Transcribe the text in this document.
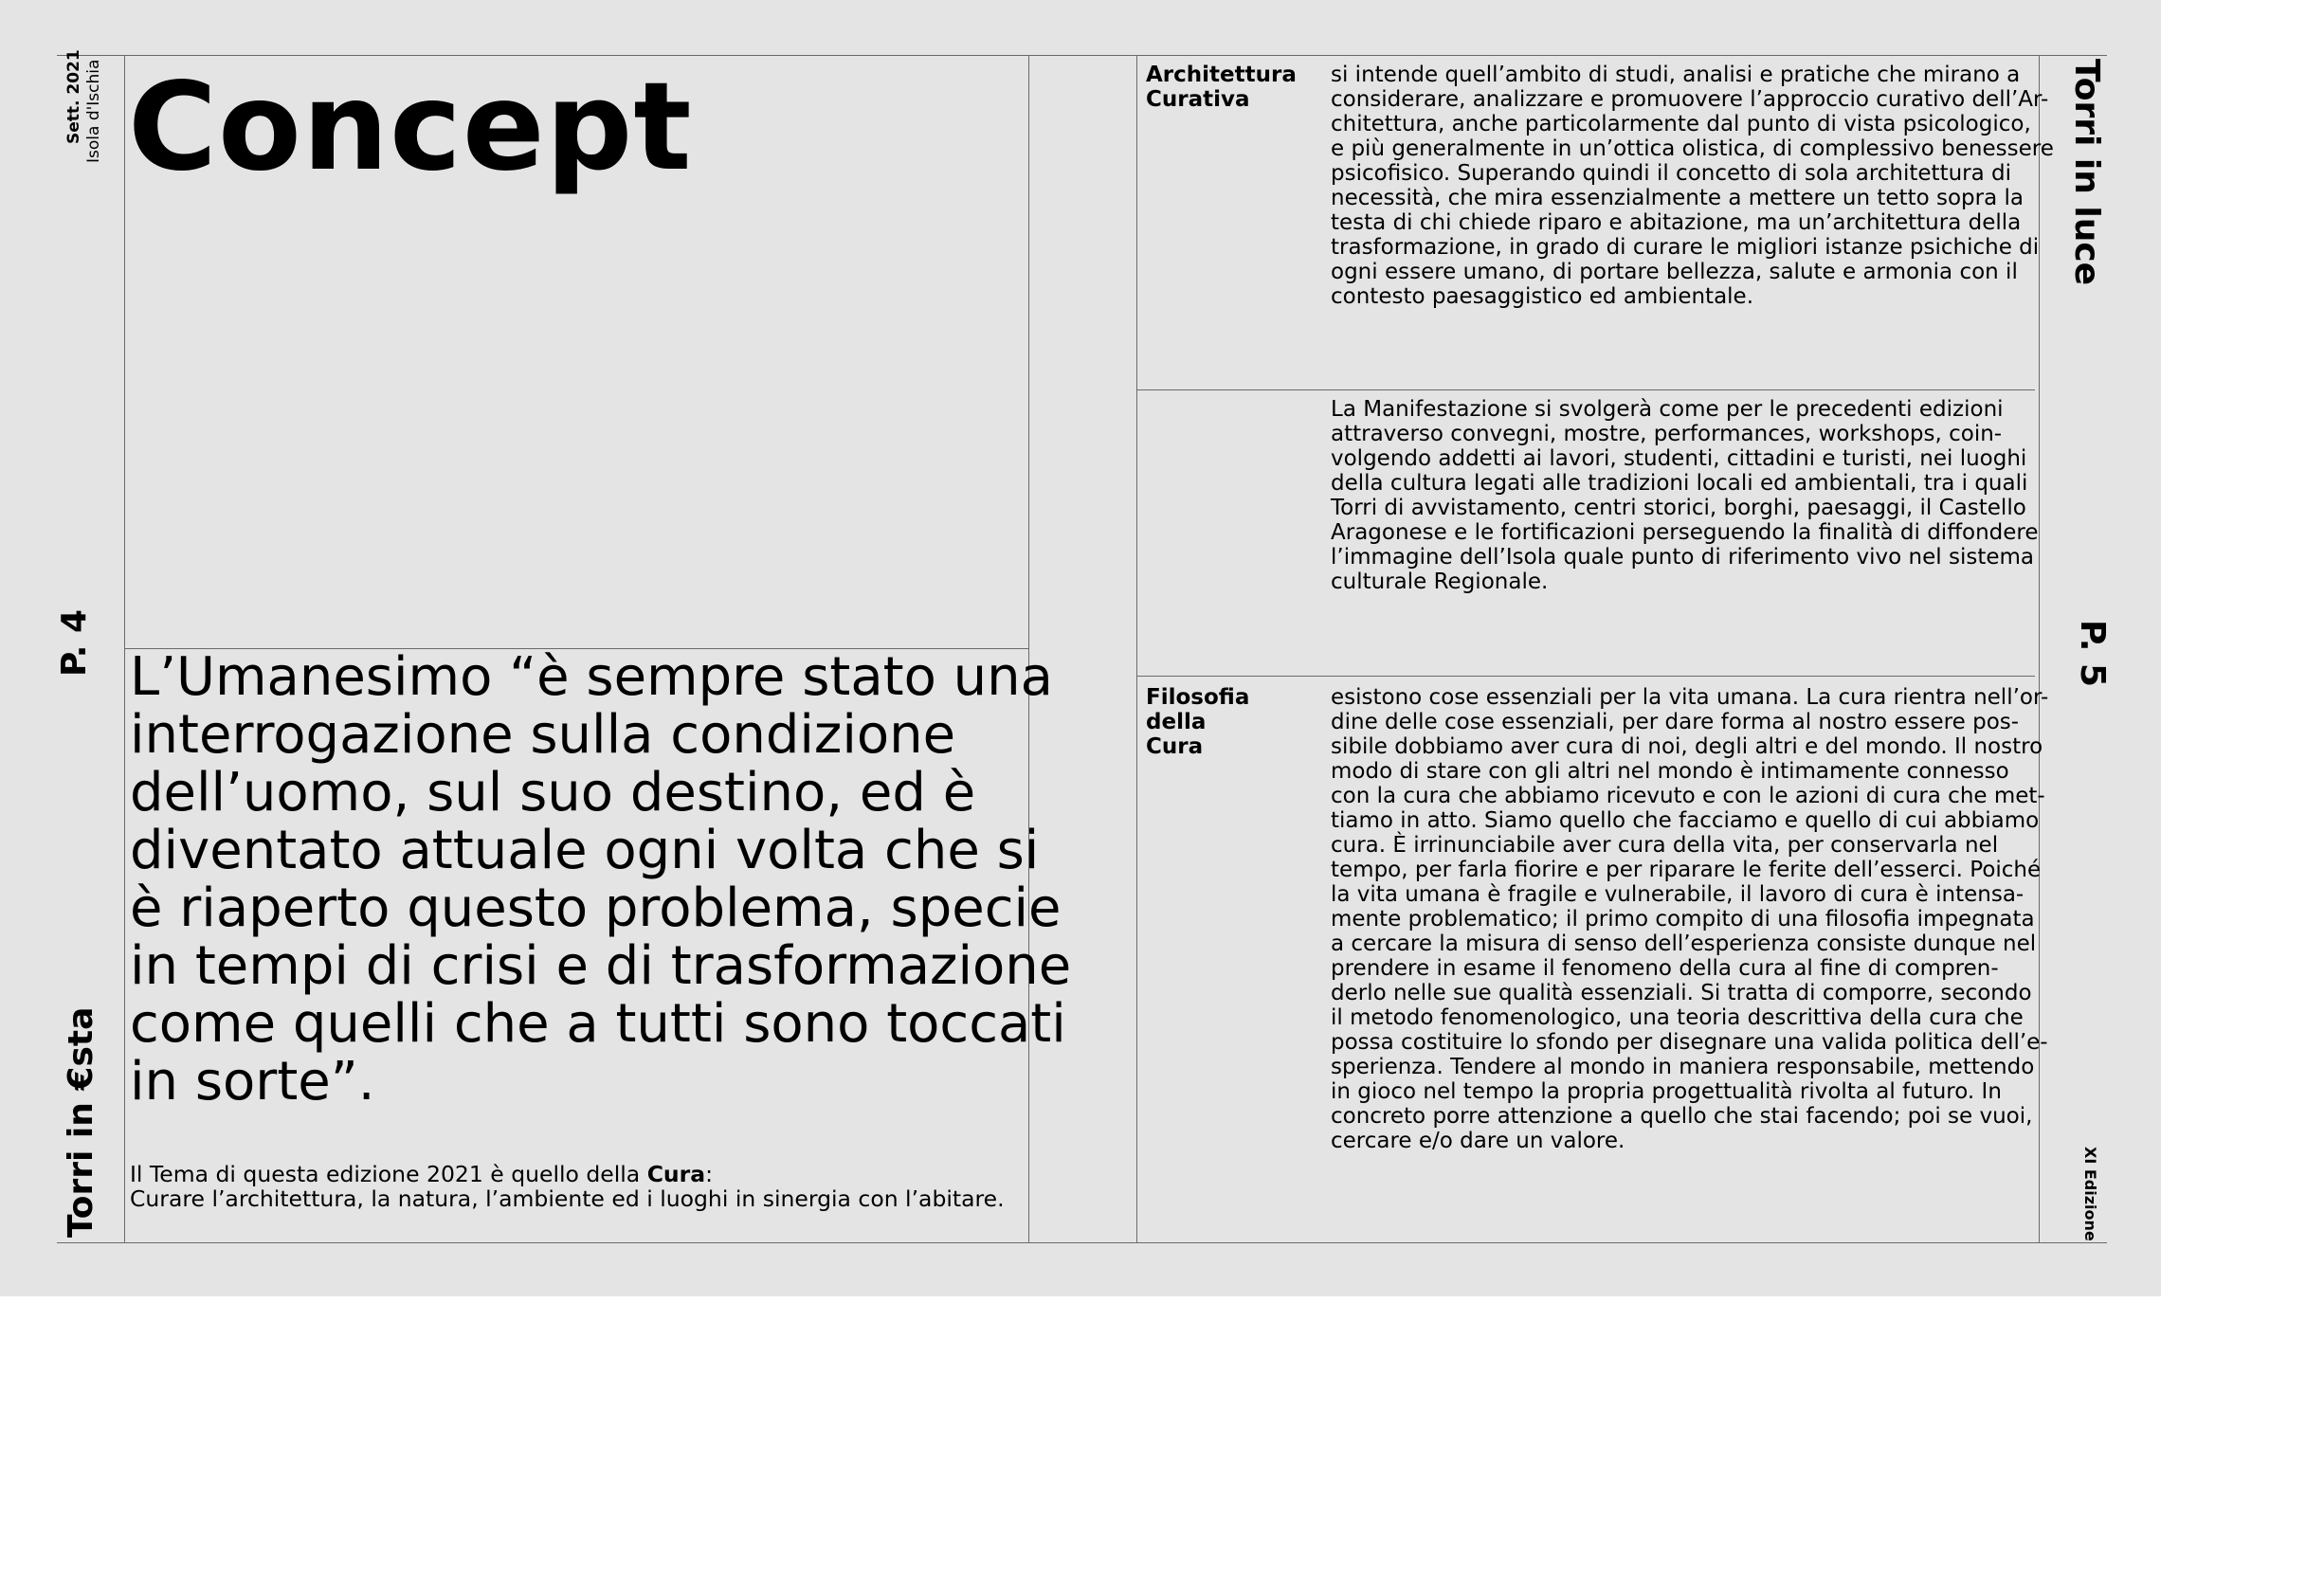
Sett. 2021 Isola d'Ischia
P. 4
Torri in €sta
Concept
L’Umanesimo “è sempre stato una
interrogazione sulla condizione
dell’uomo, sul suo destino, ed è
diventato attuale ogni volta che si
è riaperto questo problema, specie
in tempi di crisi e di trasformazione
come quelli che a tutti sono toccati
in sorte”.
Il Tema di questa edizione 2021 è quello della Cura:
Curare l’architettura, la natura, l’ambiente ed i luoghi in sinergia con l’abitare.
Architettura
Curativa
si intende quell’ambito di studi, analisi e pratiche che mirano a
considerare, analizzare e promuovere l’approccio curativo dell’Ar-
chitettura, anche particolarmente dal punto di vista psicologico,
e più generalmente in un’ottica olistica, di complessivo benessere
psicofisico. Superando quindi il concetto di sola architettura di
necessità, che mira essenzialmente a mettere un tetto sopra la
testa di chi chiede riparo e abitazione, ma un’architettura della
trasformazione, in grado di curare le migliori istanze psichiche di
ogni essere umano, di portare bellezza, salute e armonia con il
contesto paesaggistico ed ambientale.
La Manifestazione si svolgerà come per le precedenti edizioni
attraverso convegni, mostre, performances, workshops, coin-
volgendo addetti ai lavori, studenti, cittadini e turisti, nei luoghi
della cultura legati alle tradizioni locali ed ambientali, tra i quali
Torri di avvistamento, centri storici, borghi, paesaggi, il Castello
Aragonese e le fortificazioni perseguendo la finalità di diffondere
l’immagine dell’Isola quale punto di riferimento vivo nel sistema
culturale Regionale.
Filosofia
della
Cura
esistono cose essenziali per la vita umana. La cura rientra nell’or-
dine delle cose essenziali, per dare forma al nostro essere pos-
sibile dobbiamo aver cura di noi, degli altri e del mondo. Il nostro
modo di stare con gli altri nel mondo è intimamente connesso
con la cura che abbiamo ricevuto e con le azioni di cura che met-
tiamo in atto. Siamo quello che facciamo e quello di cui abbiamo
cura. È irrinunciabile aver cura della vita, per conservarla nel
tempo, per farla fiorire e per riparare le ferite dell’esserci. Poiché
la vita umana è fragile e vulnerabile, il lavoro di cura è intensa-
mente problematico; il primo compito di una filosofia impegnata
a cercare la misura di senso dell’esperienza consiste dunque nel
prendere in esame il fenomeno della cura al fine di compren-
derlo nelle sue qualità essenziali. Si tratta di comporre, secondo
il metodo fenomenologico, una teoria descrittiva della cura che
possa costituire lo sfondo per disegnare una valida politica dell’e-
sperienza. Tendere al mondo in maniera responsabile, mettendo
in gioco nel tempo la propria progettualità rivolta al futuro. In
concreto porre attenzione a quello che stai facendo; poi se vuoi,
cercare e/o dare un valore.
Torri in luce
P. 5
XI Edizione
